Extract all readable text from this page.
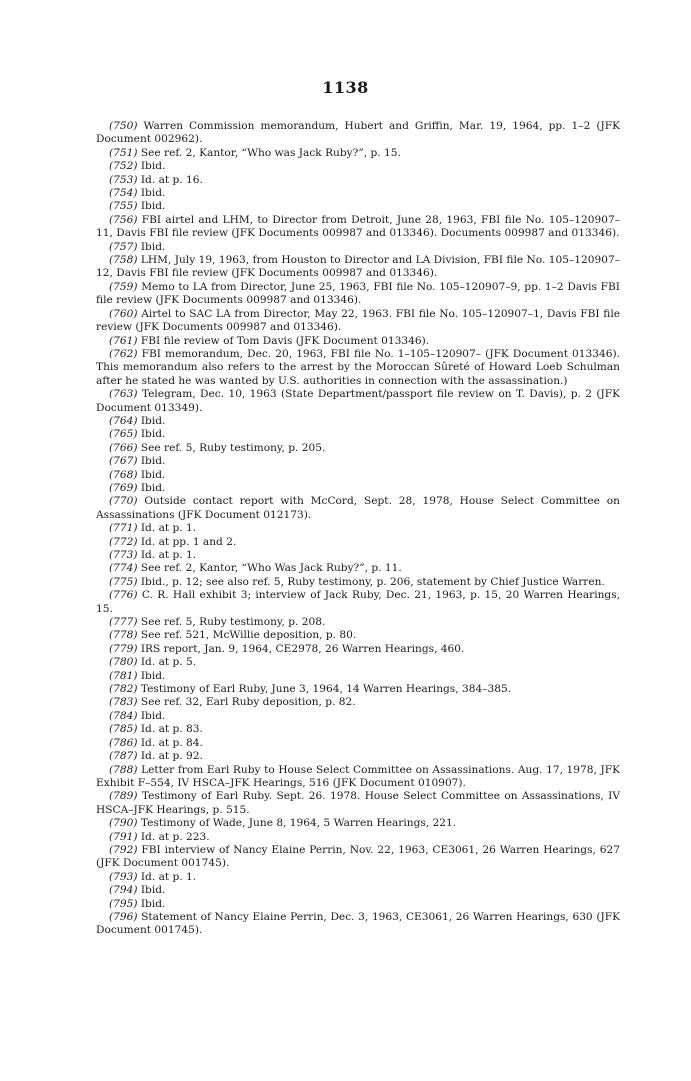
1138

(750) Warren Commission memorandum, Hubert and Griffin, Mar. 19, 1964, pp. 1–2 (JFK Document 002962).

(751) See ref. 2, Kantor, “Who was Jack Ruby?”, p. 15.

(752) Ibid.

(753) Id. at p. 16.

(754) Ibid.

(755) Ibid.

(756) FBI airtel and LHM, to Director from Detroit, June 28, 1963, FBI file No. 105–120907–11, Davis FBI file review (JFK Documents 009987 and 013346). Documents 009987 and 013346).

(757) Ibid.

(758) LHM, July 19, 1963, from Houston to Director and LA Division, FBI file No. 105–120907–12, Davis FBI file review (JFK Documents 009987 and 013346).

(759) Memo to LA from Director, June 25, 1963, FBI file No. 105–120907–9, pp. 1–2 Davis FBI file review (JFK Documents 009987 and 013346).

(760) Airtel to SAC LA from Director, May 22, 1963. FBI file No. 105–120907–1, Davis FBI file review (JFK Documents 009987 and 013346).

(761) FBI file review of Tom Davis (JFK Document 013346).

(762) FBI memorandum, Dec. 20, 1963, FBI file No. 1–105–120907– (JFK Document 013346). This memorandum also refers to the arrest by the Moroccan Sûreté of Howard Loeb Schulman after he stated he was wanted by U.S. authorities in connection with the assassination.)

(763) Telegram, Dec. 10, 1963 (State Department/passport file review on T. Davis), p. 2 (JFK Document 013349).

(764) Ibid.

(765) Ibid.

(766) See ref. 5, Ruby testimony, p. 205.

(767) Ibid.

(768) Ibid.

(769) Ibid.

(770) Outside contact report with McCord, Sept. 28, 1978, House Select Committee on Assassinations (JFK Document 012173).

(771) Id. at p. 1.

(772) Id. at pp. 1 and 2.

(773) Id. at p. 1.

(774) See ref. 2, Kantor, “Who Was Jack Ruby?”, p. 11.

(775) Ibid., p. 12; see also ref. 5, Ruby testimony, p. 206, statement by Chief Justice Warren.

(776) C. R. Hall exhibit 3; interview of Jack Ruby, Dec. 21, 1963, p. 15, 20 Warren Hearings, 15.

(777) See ref. 5, Ruby testimony, p. 208.

(778) See ref. 521, McWillie deposition, p. 80.

(779) IRS report, Jan. 9, 1964, CE2978, 26 Warren Hearings, 460.

(780) Id. at p. 5.

(781) Ibid.

(782) Testimony of Earl Ruby, June 3, 1964, 14 Warren Hearings, 384–385.

(783) See ref. 32, Earl Ruby deposition, p. 82.

(784) Ibid.

(785) Id. at p. 83.

(786) Id. at p. 84.

(787) Id. at p. 92.

(788) Letter from Earl Ruby to House Select Committee on Assassinations. Aug. 17, 1978, JFK Exhibit F–554, IV HSCA–JFK Hearings, 516 (JFK Document 010907).

(789) Testimony of Earl Ruby. Sept. 26. 1978. House Select Committee on Assassinations, IV HSCA–JFK Hearings, p. 515.

(790) Testimony of Wade, June 8, 1964, 5 Warren Hearings, 221.

(791) Id. at p. 223.

(792) FBI interview of Nancy Elaine Perrin, Nov. 22, 1963, CE3061, 26 Warren Hearings, 627 (JFK Document 001745).

(793) Id. at p. 1.

(794) Ibid.

(795) Ibid.

(796) Statement of Nancy Elaine Perrin, Dec. 3, 1963, CE3061, 26 Warren Hearings, 630 (JFK Document 001745).
